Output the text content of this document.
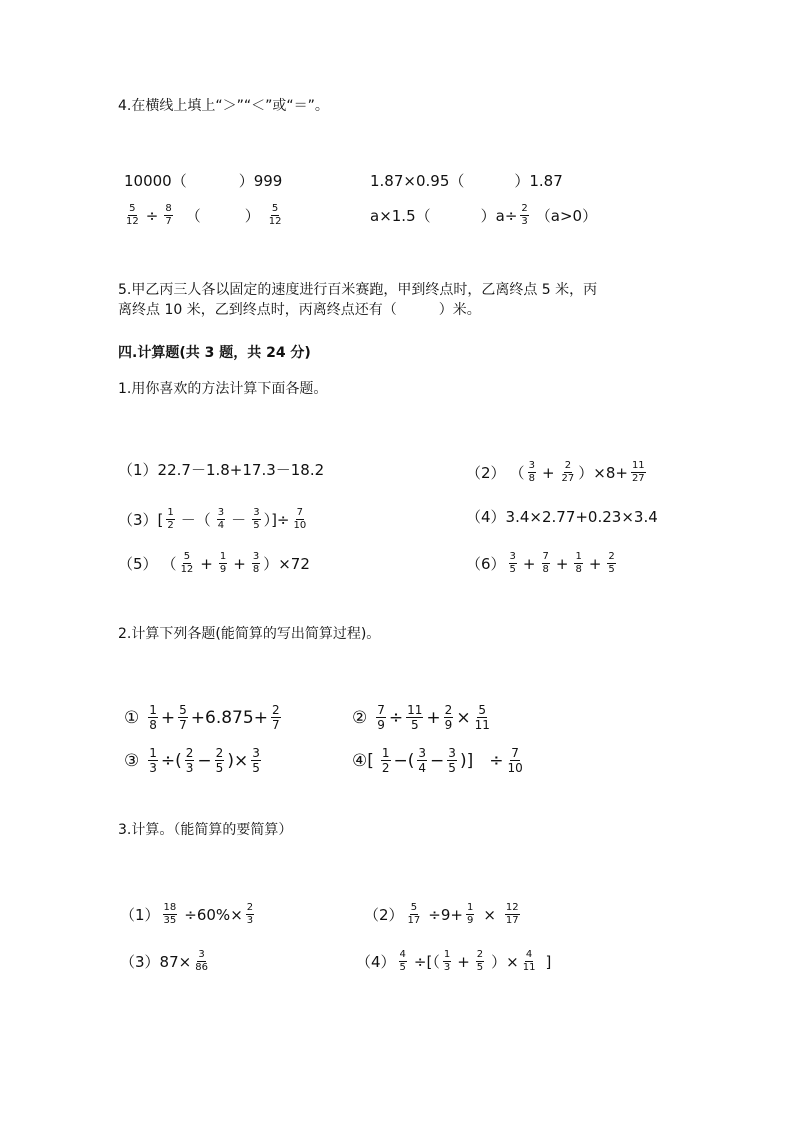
4.在横线上填上“＞”“＜”或“＝”。
10000（	）999	1.87×0.95（	）1.87
$\frac{5}{12} \div \frac{8}{7}$ （	） $\frac{5}{12}$	a×1.5（	）$a\div \frac{2}{3} (a>0)$
5.甲乙丙三人各以固定的速度进行百米赛跑，甲到终点时，乙离终点 5 米，丙
离终点 10 米，乙到终点时，丙离终点还有（　　　）米。
四.计算题(共 3 题，共 24 分)
1.用你喜欢的方法计算下面各题。
（1）22.7－1.8+17.3－18.2	（2） （ $\frac{3}{8} + \frac{2}{27} )\times 8+ \frac{11}{27}$
$(3)[ \frac{1}{2}$ －（ $\frac{3}{4} - \frac{3}{5}$ ）]÷ $\frac{7}{10}$	（4）3.4×2.77+0.23×3.4
（5） （ $\frac{5}{12} + \frac{1}{9} + \frac{3}{8} )\times 72$	$(6) \frac{3}{5} + \frac{7}{8} + \frac{1}{8} + \frac{2}{5}$
2.计算下列各题(能简算的写出简算过程)。
① $\frac{1}{8} + \frac{5}{7} +6.875+ \frac{2}{7}$	② $\frac{7}{9} \div \frac{11}{5} + \frac{2}{9} \times \frac{5}{11}$
③ $\frac{1}{3}$ ÷( $\frac{2}{3} - \frac{2}{5}$ )× $\frac{3}{5}$	④[ $\frac{1}{2}$ −( $\frac{3}{4} - \frac{3}{5}$ )] ÷ $\frac{7}{10}$
3.计算。（能简算的要简算）
$(1) \frac{18}{35} \div 60\%\times \frac{2}{3}$	$(2) \frac{5}{17} \div 9+ \frac{1}{9} \times \frac{12}{17}$
$(3)87\times \frac{3}{86}$	$(4) \frac{4}{5}$ ÷[（ $\frac{1}{3} + \frac{2}{5}$ ）× $\frac{4}{11}$ ]
